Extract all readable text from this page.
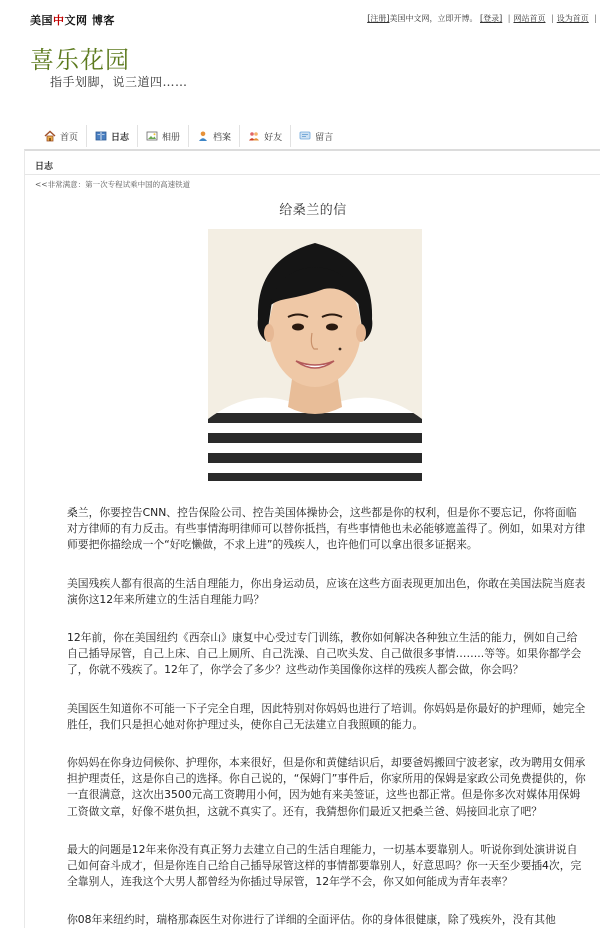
美国中文网 博客	[注册]美国中文网，立即开博。 [登录] | 网站首页 | 设为首页 |
喜乐花园

指手划脚，说三道四……

首页	日志	相册	档案	好友	留言
日志
<<非常满意：第一次专程试乘中国的高速铁道
给桑兰的信

桑兰，你要控告CNN、控告保险公司、控告美国体操协会，这些都是你的权利，但是你不要忘记，你将面临对方律师的有力反击。有些事情海明律师可以替你抵挡，有些事情他也未必能够遮盖得了。例如，如果对方律师要把你描绘成一个“好吃懒做，不求上进”的残疾人，也许他们可以拿出很多证据来。

美国残疾人都有很高的生活自理能力，你出身运动员，应该在这些方面表现更加出色，你敢在美国法院当庭表演你这12年来所建立的生活自理能力吗？

12年前，你在美国纽约《西奈山》康复中心受过专门训练，教你如何解决各种独立生活的能力，例如自己给自己插导尿管，自己上床、自己上厕所、自己洗澡、自己吹头发、自己做很多事情……..等等。如果你都学会了，你就不残疾了。12年了，你学会了多少？这些动作美国像你这样的残疾人都会做，你会吗？

美国医生知道你不可能一下子完全自理，因此特别对你妈妈也进行了培训。你妈妈是你最好的护理师，她完全胜任，我们只是担心她对你护理过头，使你自己无法建立自我照顾的能力。

你妈妈在你身边伺候你、护理你，本来很好，但是你和黄健结识后，却要爸妈搬回宁波老家，改为聘用女佣承担护理责任，这是你自己的选择。你自己说的，“保姆门”事件后，你家所用的保姆是家政公司免费提供的，你一直很满意，这次出3500元高工资聘用小何，因为她有来美签证，这些也都正常。但是你多次对媒体用保姆工资做文章，好像不堪负担，这就不真实了。还有，我猜想你们最近又把桑兰爸、妈接回北京了吧？

最大的问题是12年来你没有真正努力去建立自己的生活自理能力，一切基本要靠别人。听说你到处演讲说自己如何奋斗成才，但是你连自己给自己插导尿管这样的事情都要靠别人，好意思吗？你一天至少要插4次，完全靠别人，连我这个大男人都曾经为你插过导尿管，12年学不会，你又如何能成为青年表率？

你08年来纽约时，瑞格那森医生对你进行了详细的全面评估。你的身体很健康，除了残疾外，没有其他
